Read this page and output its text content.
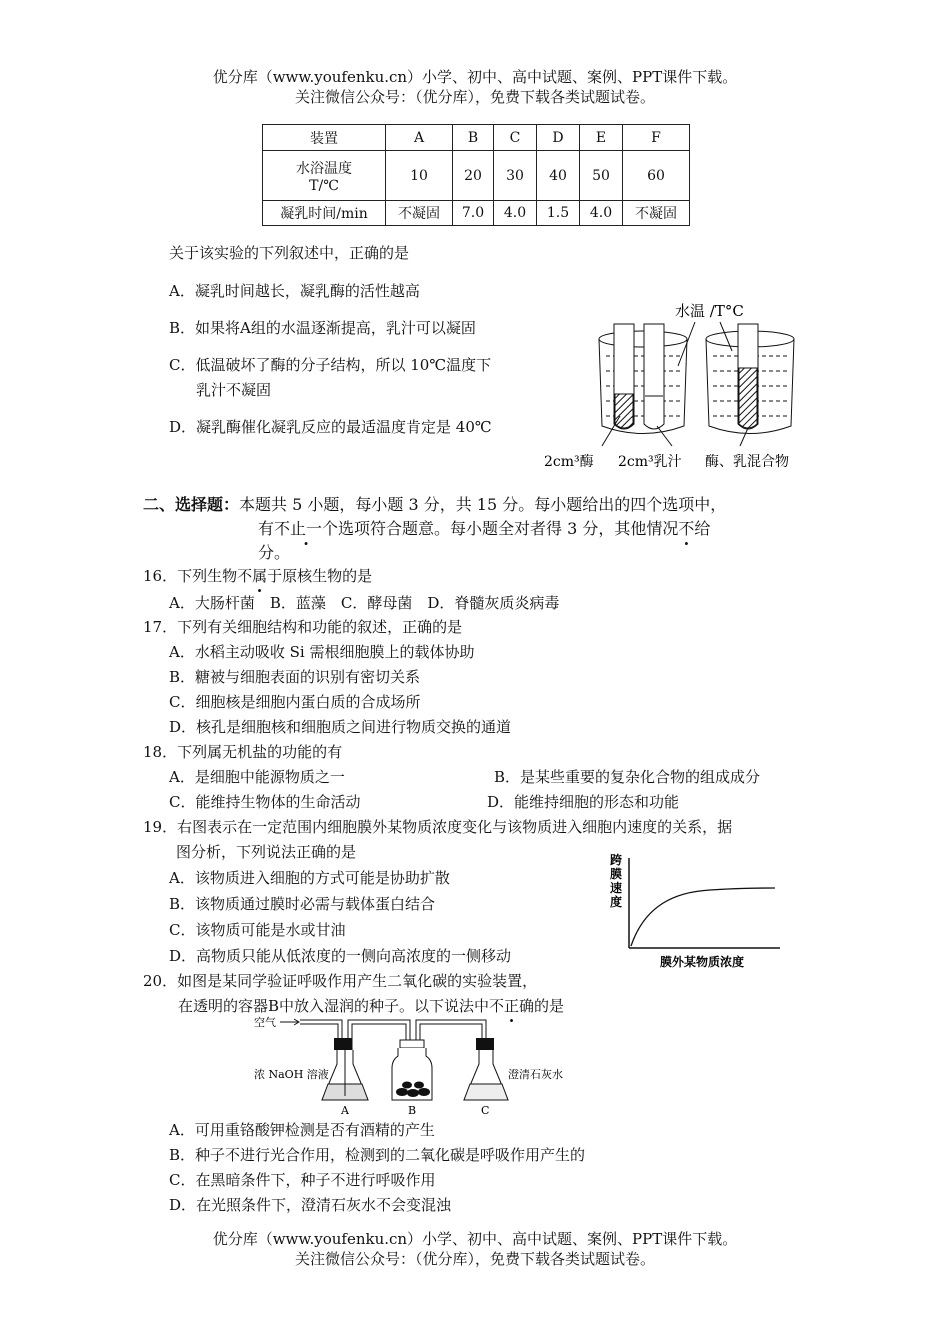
优分库（www.youfenku.cn）小学、初中、高中试题、案例、PPT课件下载。
关注微信公众号：（优分库），免费下载各类试题试卷。
装置	A	B	C	D	E	F

水浴温度
T/℃	10	20	30	40	50	60
凝乳时间/min	不凝固	7.0	4.0	1.5	4.0	不凝固
关于该实验的下列叙述中，正确的是
A．凝乳时间越长，凝乳酶的活性越高
B．如果将A组的水温逐渐提高，乳汁可以凝固
C．低温破坏了酶的分子结构，所以 10℃温度下
乳汁不凝固
D．凝乳酶催化凝乳反应的最适温度肯定是 40℃
水温 /T°C
2cm³酶 2cm³乳汁 酶、乳混合物
二、选择题：本题共 5 小题，每小题 3 分，共 15 分。每小题给出的四个选项中，
有不止一个选项符合题意。每小题全对者得 3 分，其他情况不给
分。
16．下列生物不属于原核生物的是
A．大肠杆菌　B．蓝藻　C．酵母菌　D．脊髓灰质炎病毒
17．下列有关细胞结构和功能的叙述，正确的是
A．水稻主动吸收 Si 需根细胞膜上的载体协助
B．糖被与细胞表面的识别有密切关系
C．细胞核是细胞内蛋白质的合成场所
D．核孔是细胞核和细胞质之间进行物质交换的通道
18．下列属无机盐的功能的有
A．是细胞中能源物质之一	B．是某些重要的复杂化合物的组成成分
C．能维持生物体的生命活动	D．能维持细胞的形态和功能
19．右图表示在一定范围内细胞膜外某物质浓度变化与该物质进入细胞内速度的关系，据
图分析，下列说法正确的是
A．该物质进入细胞的方式可能是协助扩散
B．该物质通过膜时必需与载体蛋白结合
C．该物质可能是水或甘油
D．高物质只能从低浓度的一侧向高浓度的一侧移动
跨 膜 速 度
膜外某物质浓度
20．如图是某同学验证呼吸作用产生二氧化碳的实验装置，
在透明的容器B中放入湿润的种子。以下说法中不正确的是
空气
浓 NaOH 溶液	澄清石灰水
A	B	C
A．可用重铬酸钾检测是否有酒精的产生
B．种子不进行光合作用，检测到的二氧化碳是呼吸作用产生的
C．在黑暗条件下，种子不进行呼吸作用
D．在光照条件下，澄清石灰水不会变混浊
优分库（www.youfenku.cn）小学、初中、高中试题、案例、PPT课件下载。
关注微信公众号：（优分库），免费下载各类试题试卷。
